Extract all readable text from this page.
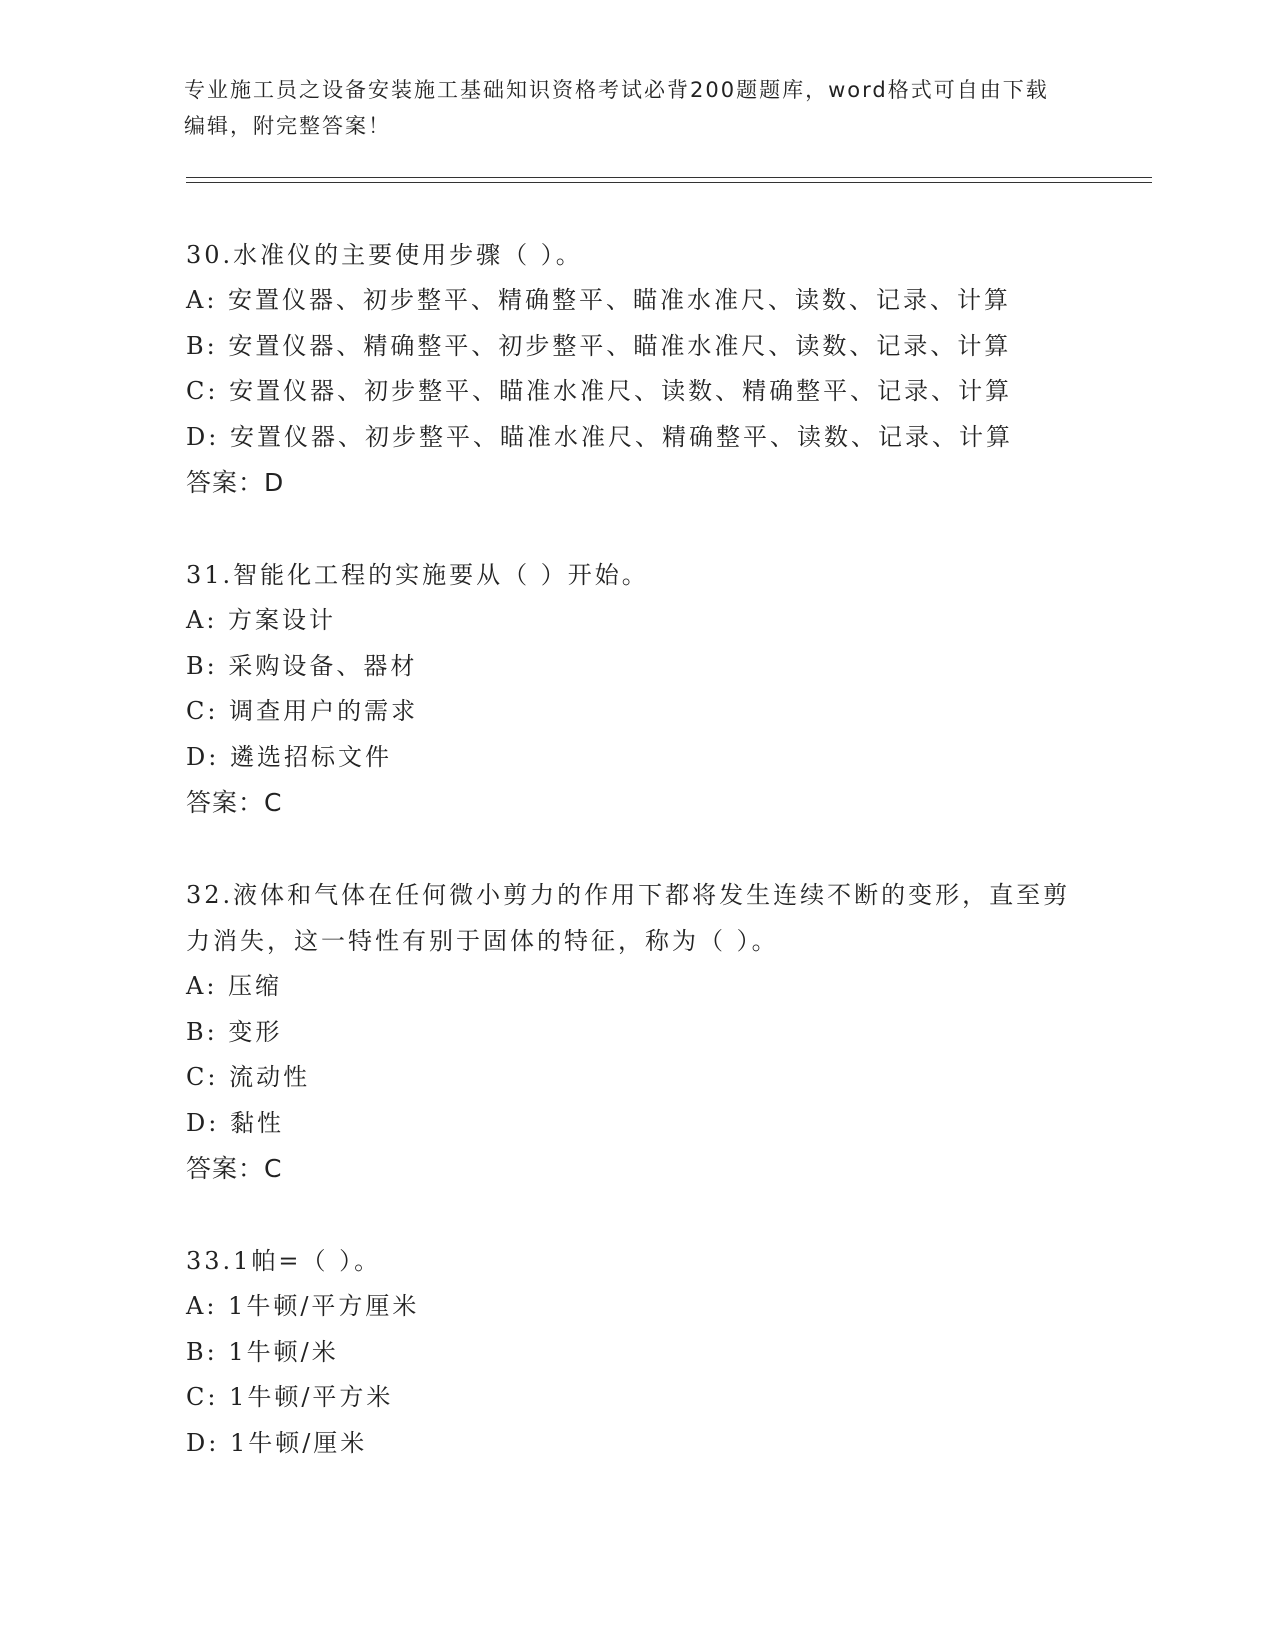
专业施工员之设备安装施工基础知识资格考试必背200题题库，word格式可自由下载编辑，附完整答案！
30.水准仪的主要使用步骤（ ）。
A: 安置仪器、初步整平、精确整平、瞄准水准尺、读数、记录、计算
B: 安置仪器、精确整平、初步整平、瞄准水准尺、读数、记录、计算
C: 安置仪器、初步整平、瞄准水准尺、读数、精确整平、记录、计算
D: 安置仪器、初步整平、瞄准水准尺、精确整平、读数、记录、计算
答案：D
31.智能化工程的实施要从（ ）开始。
A: 方案设计
B: 采购设备、器材
C: 调查用户的需求
D: 遴选招标文件
答案：C
32.液体和气体在任何微小剪力的作用下都将发生连续不断的变形，直至剪力消失，这一特性有别于固体的特征，称为（ ）。
A: 压缩
B: 变形
C: 流动性
D: 黏性
答案：C
33.1帕=（ ）。
A: 1牛顿/平方厘米
B: 1牛顿/米
C: 1牛顿/平方米
D: 1牛顿/厘米
